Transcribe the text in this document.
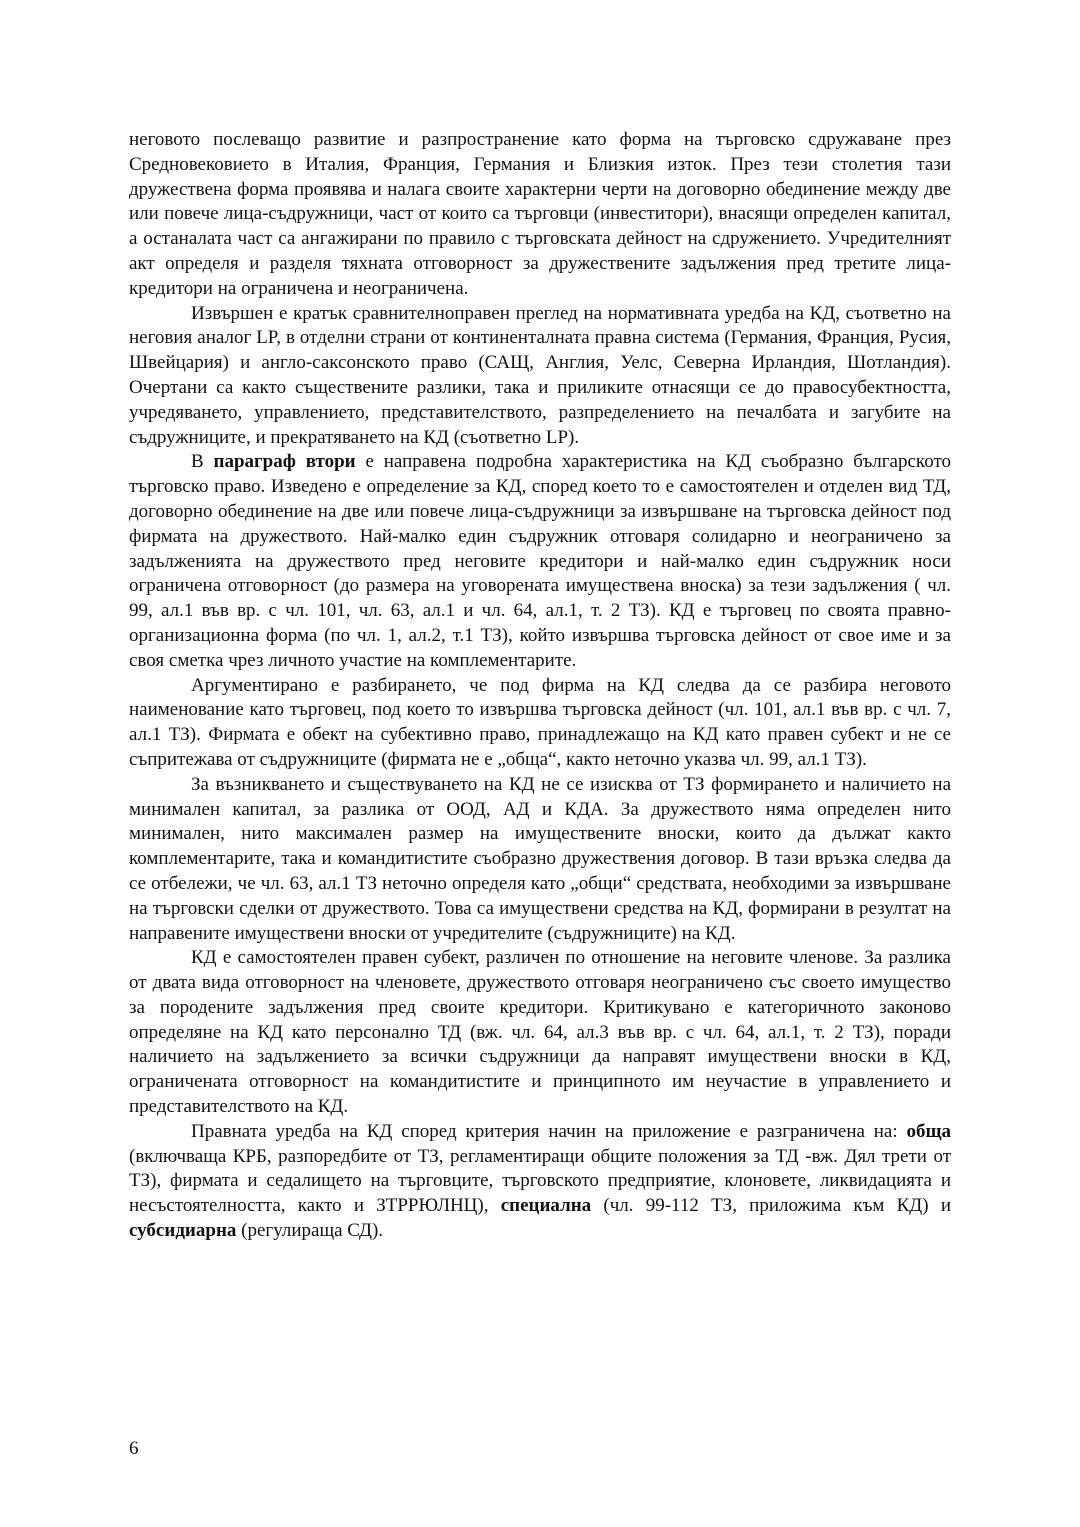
неговото послеващо развитие и разпространение като форма на търговско сдружаване през Средновековието в Италия, Франция, Германия и Близкия изток. През тези столетия тази дружествена форма проявява и налага своите характерни черти на договорно обединение между две или повече лица-съдружници, част от които са търговци (инвеститори), внасящи определен капитал, а останалата част са ангажирани по правило с търговската дейност на сдружението. Учредителният акт определя и разделя тяхната отговорност за дружествените задължения пред третите лица-кредитори на ограничена и неограничена.

Извършен е кратък сравнителноправен преглед на нормативната уредба на КД, съответно на неговия аналог LP, в отделни страни от континенталната правна система (Германия, Франция, Русия, Швейцария) и англо-саксонското право (САЩ, Англия, Уелс, Северна Ирландия, Шотландия). Очертани са както съществените разлики, така и приликите отнасящи се до правосубектността, учредяването, управлението, представителството, разпределението на печалбата и загубите на съдружниците, и прекратяването на КД (съответно LP).

В параграф втори е направена подробна характеристика на КД съобразно българското търговско право. Изведено е определение за КД, според което то е самостоятелен и отделен вид ТД, договорно обединение на две или повече лица-съдружници за извършване на търговска дейност под фирмата на дружеството. Най-малко един съдружник отговаря солидарно и неограничено за задълженията на дружеството пред неговите кредитори и най-малко един съдружник носи ограничена отговорност (до размера на уговорената имуществена вноска) за тези задължения ( чл. 99, ал.1 във вр. с чл. 101, чл. 63, ал.1 и чл. 64, ал.1, т. 2 ТЗ). КД е търговец по своята правно-организационна форма (по чл. 1, ал.2, т.1 ТЗ), който извършва търговска дейност от свое име и за своя сметка чрез личното участие на комплементарите.

Аргументирано е разбирането, че под фирма на КД следва да се разбира неговото наименование като търговец, под което то извършва търговска дейност (чл. 101, ал.1 във вр. с чл. 7, ал.1 ТЗ). Фирмата е обект на субективно право, принадлежащо на КД като правен субект и не се съпритежава от съдружниците (фирмата не е „обща“, както неточно указва чл. 99, ал.1 ТЗ).

За възникването и съществуването на КД не се изисква от ТЗ формирането и наличието на минимален капитал, за разлика от ООД, АД и КДА. За дружеството няма определен нито минимален, нито максимален размер на имуществените вноски, които да дължат както комплементарите, така и командитистите съобразно дружествения договор. В тази връзка следва да се отбележи, че чл. 63, ал.1 ТЗ неточно определя като „общи“ средствата, необходими за извършване на търговски сделки от дружеството. Това са имуществени средства на КД, формирани в резултат на направените имуществени вноски от учредителите (съдружниците) на КД.

КД е самостоятелен правен субект, различен по отношение на неговите членове. За разлика от двата вида отговорност на членовете, дружеството отговаря неограничено със своето имущество за породените задължения пред своите кредитори. Критикувано е категоричното законово определяне на КД като персонално ТД (вж. чл. 64, ал.3 във вр. с чл. 64, ал.1, т. 2 ТЗ), поради наличието на задължението за всички съдружници да направят имуществени вноски в КД, ограничената отговорност на командитистите и принципното им неучастие в управлението и представителството на КД.

Правната уредба на КД според критерия начин на приложение е разграничена на: обща (включваща КРБ, разпоредбите от ТЗ, регламентиращи общите положения за ТД -вж. Дял трети от ТЗ), фирмата и седалището на търговците, търговското предприятие, клоновете, ликвидацията и несъстоятелността, както и ЗТРРЮЛНЦ), специална (чл. 99-112 ТЗ, приложима към КД) и субсидиарна (регулираща СД).

6
